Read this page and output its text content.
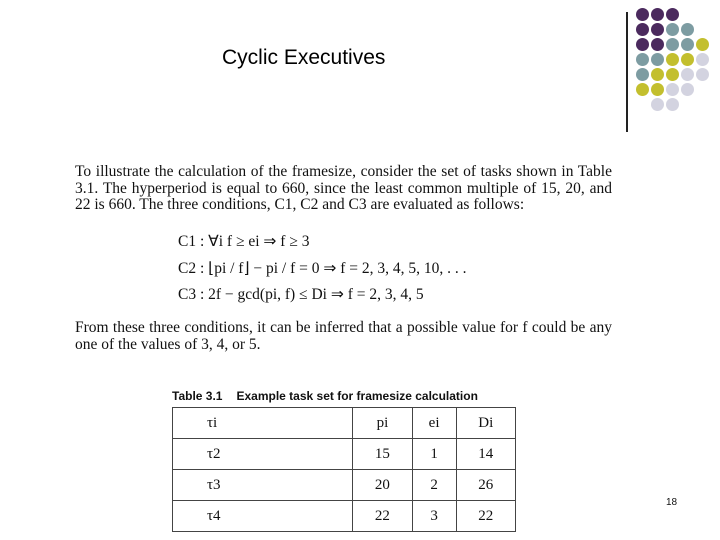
Cyclic Executives

To illustrate the calculation of the framesize, consider the set of tasks shown in Table 3.1. The hyperperiod is equal to 660, since the least common multiple of 15, 20, and 22 is 660. The three conditions, C1, C2 and C3 are evaluated as follows:

C1 : ∀i f ≥ ei ⇒ f ≥ 3
C2 : ⌊pi / f⌋ − pi / f = 0 ⇒ f = 2, 3, 4, 5, 10, . . .
C3 : 2f − gcd(pi, f) ≤ Di ⇒ f = 2, 3, 4, 5

From these three conditions, it can be inferred that a possible value for f could be any one of the values of 3, 4, or 5.

Table 3.1 Example task set for framesize calculation
τi	pi	ei	Di
τ2	15	1	14
τ3	20	2	26
τ4	22	3	22
18
